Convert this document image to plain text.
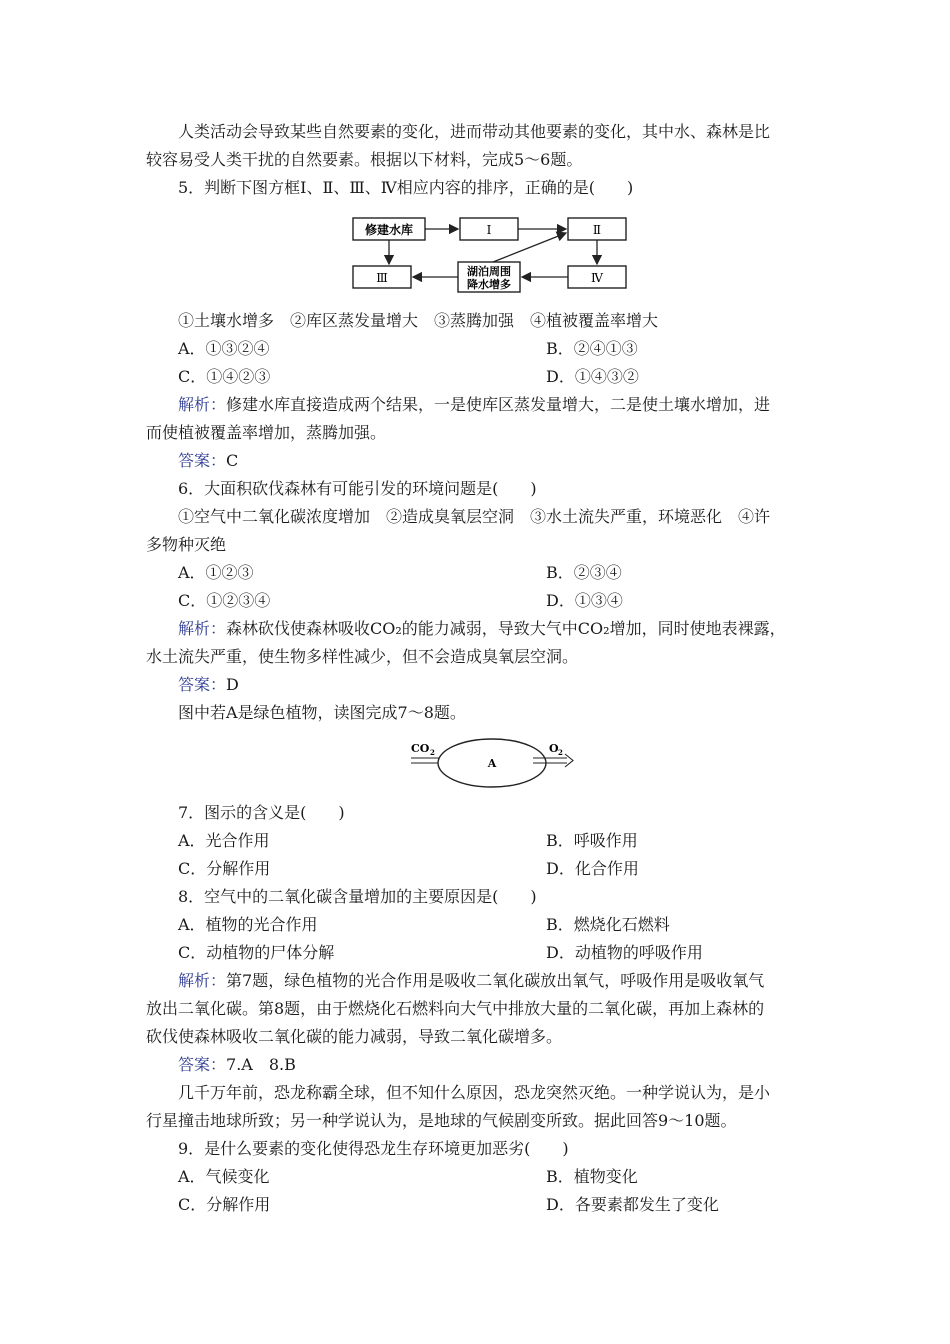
人类活动会导致某些自然要素的变化，进而带动其他要素的变化，其中水、森林是比
较容易受人类干扰的自然要素。根据以下材料，完成5～6题。
5．判断下图方框Ⅰ、Ⅱ、Ⅲ、Ⅳ相应内容的排序，正确的是(　　)
修建水库	Ⅰ	Ⅱ
Ⅲ	湖泊周围
降水增多	Ⅳ
①土壤水增多　②库区蒸发量增大　③蒸腾加强　④植被覆盖率增大
A．①③②④	B．②④①③
C．①④②③	D．①④③②
解析：修建水库直接造成两个结果，一是使库区蒸发量增大，二是使土壤水增加，进
而使植被覆盖率增加，蒸腾加强。
答案：C
6．大面积砍伐森林有可能引发的环境问题是(　　)
①空气中二氧化碳浓度增加　②造成臭氧层空洞　③水土流失严重，环境恶化　④许
多物种灭绝
A．①②③	B．②③④
C．①②③④	D．①③④
解析：森林砍伐使森林吸收CO₂的能力减弱，导致大气中CO₂增加，同时使地表裸露，
水土流失严重，使生物多样性减少，但不会造成臭氧层空洞。
答案：D
图中若A是绿色植物，读图完成7～8题。
CO 2
A
O 2
7．图示的含义是(　　)
A．光合作用	B．呼吸作用
C．分解作用	D．化合作用
8．空气中的二氧化碳含量增加的主要原因是(　　)
A．植物的光合作用	B．燃烧化石燃料
C．动植物的尸体分解	D．动植物的呼吸作用
解析：第7题，绿色植物的光合作用是吸收二氧化碳放出氧气，呼吸作用是吸收氧气
放出二氧化碳。第8题，由于燃烧化石燃料向大气中排放大量的二氧化碳，再加上森林的
砍伐使森林吸收二氧化碳的能力减弱，导致二氧化碳增多。
答案：7.A　8.B
几千万年前，恐龙称霸全球，但不知什么原因，恐龙突然灭绝。一种学说认为，是小
行星撞击地球所致；另一种学说认为，是地球的气候剧变所致。据此回答9～10题。
9．是什么要素的变化使得恐龙生存环境更加恶劣(　　)
A．气候变化	B．植物变化
C．分解作用	D．各要素都发生了变化
